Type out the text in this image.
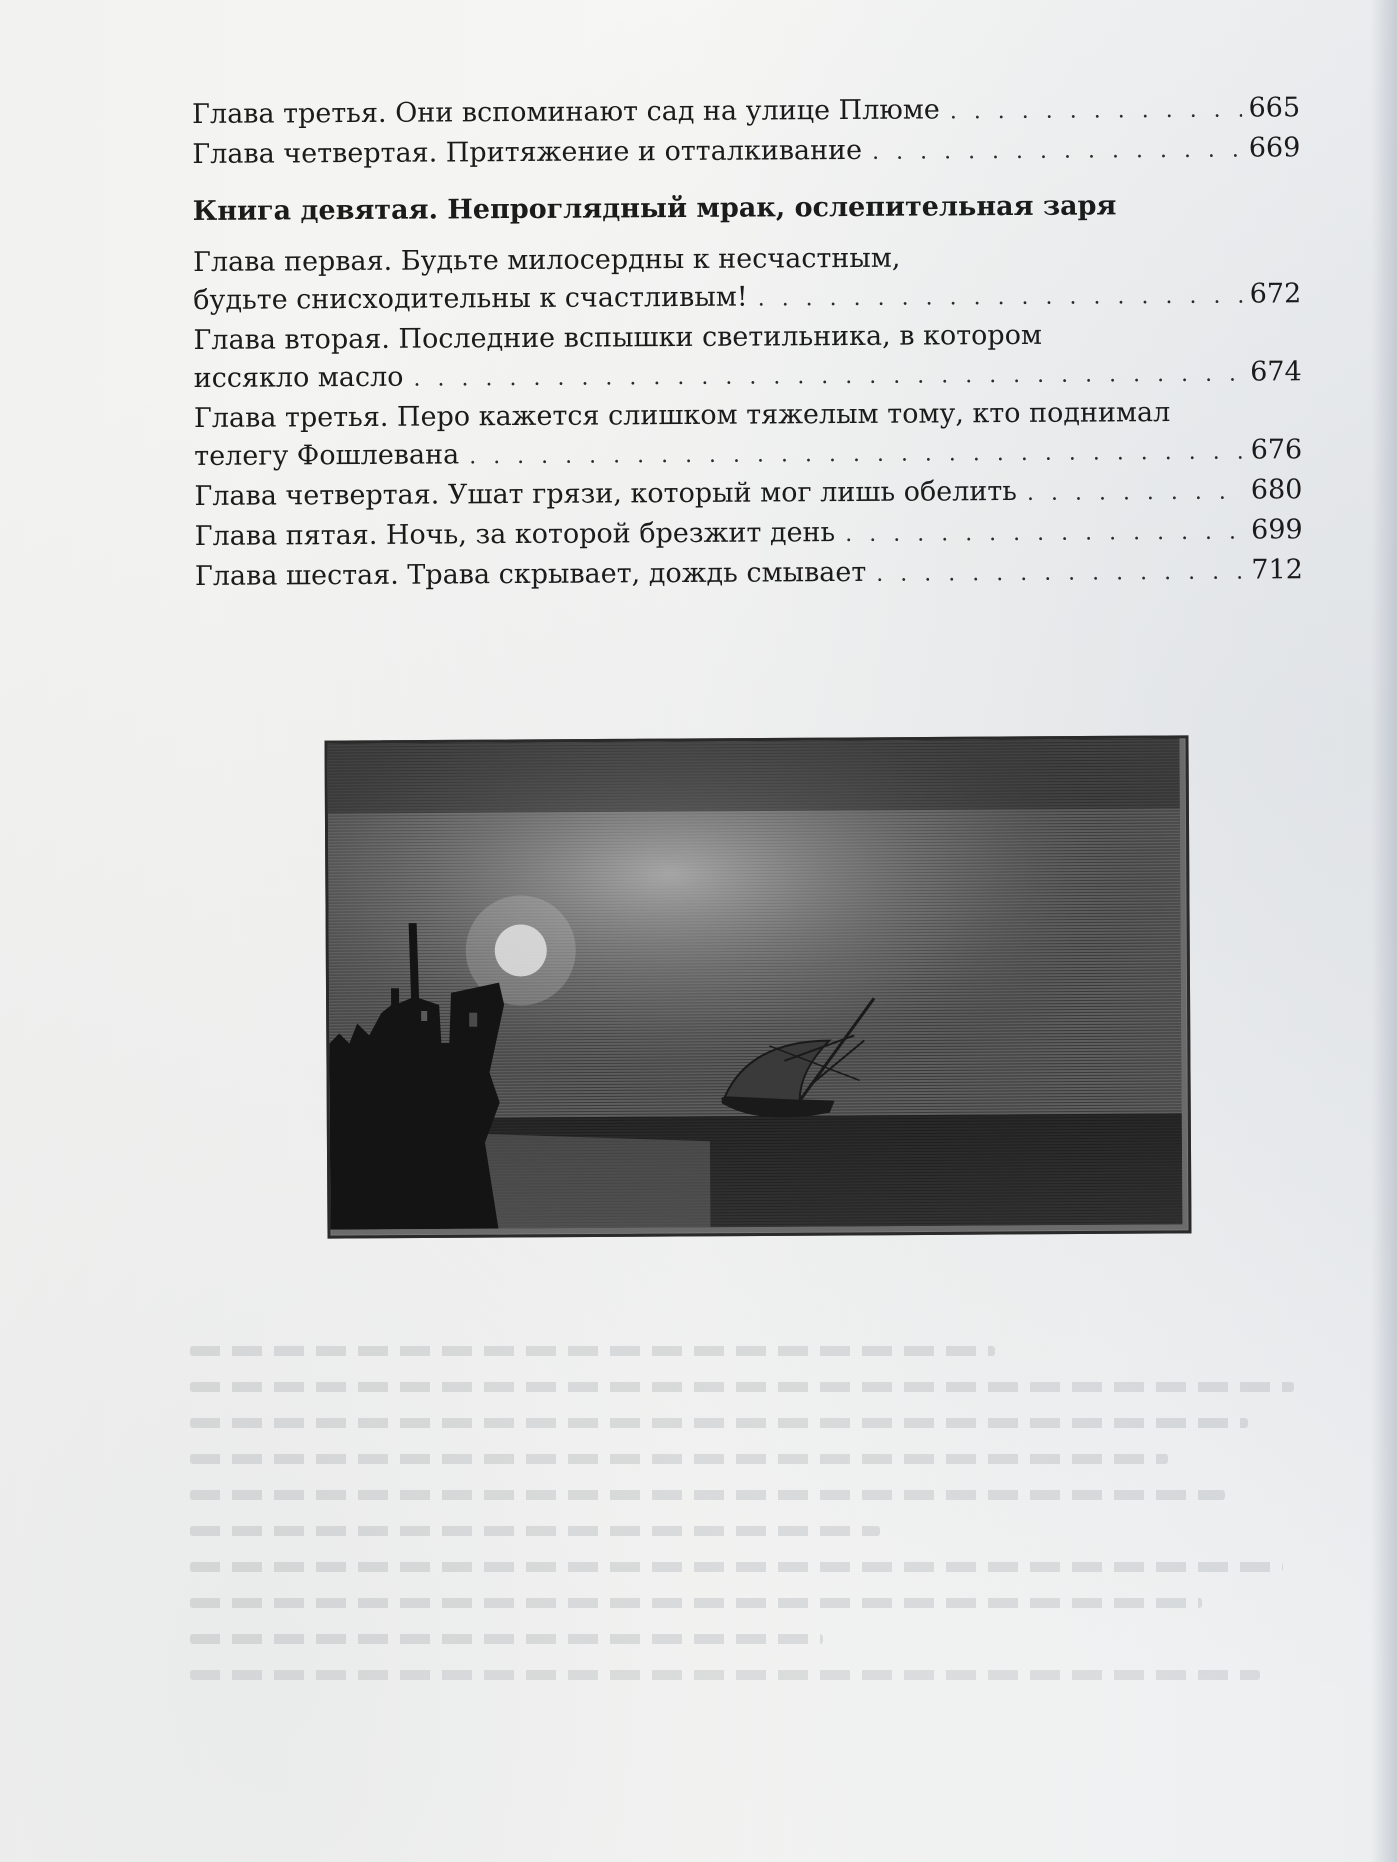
Глава третья. Они вспоминают сад на улице Плюме . . .	665
Глава четвертая. Притяжение и отталкивание . . .	669
Книга девятая. Непроглядный мрак, ослепительная заря
Глава первая. Будьте милосердны к несчастным,
будьте снисходительны к счастливым! . . .	672
Глава вторая. Последние вспышки светильника, в котором
иссякло масло . . .	674
Глава третья. Перо кажется слишком тяжелым тому, кто поднимал
телегу Фошлевана . . .	676
Глава четвертая. Ушат грязи, который мог лишь обелить . . .	680
Глава пятая. Ночь, за которой брезжит день . . .	699
Глава шестая. Трава скрывает, дождь смывает . . .	712
